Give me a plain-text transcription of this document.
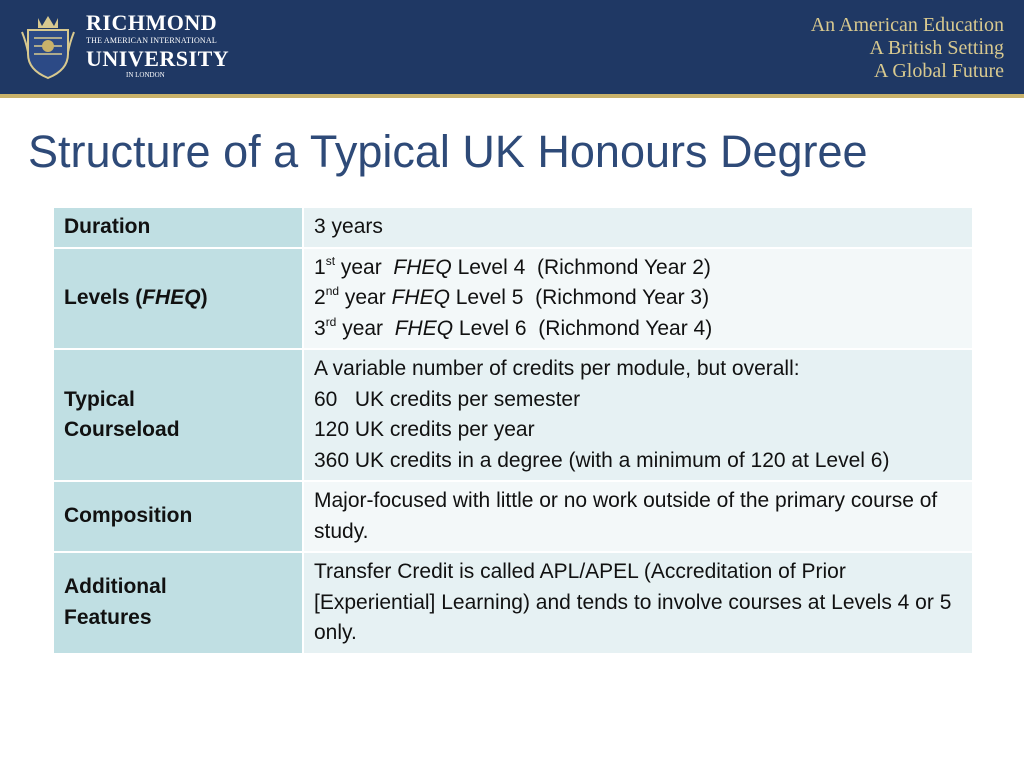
RICHMOND
THE AMERICAN INTERNATIONAL
UNIVERSITY
IN LONDON
An American Education
A British Setting
A Global Future
Structure of a Typical UK Honours Degree
Duration	3 years
Levels (FHEQ)	1st year  FHEQ Level 4  (Richmond Year 2)
2nd year FHEQ Level 5  (Richmond Year 3)
3rd year  FHEQ Level 6  (Richmond Year 4)

Typical
Courseload	A variable number of credits per module, but overall:
60   UK credits per semester
120 UK credits per year
360 UK credits in a degree (with a minimum of 120 at Level 6)

Composition	Major-focused with little or no work outside of the primary course of study.

Additional
Features	Transfer Credit is called APL/APEL (Accreditation of Prior [Experiential] Learning) and tends to involve courses at Levels 4 or 5 only.
